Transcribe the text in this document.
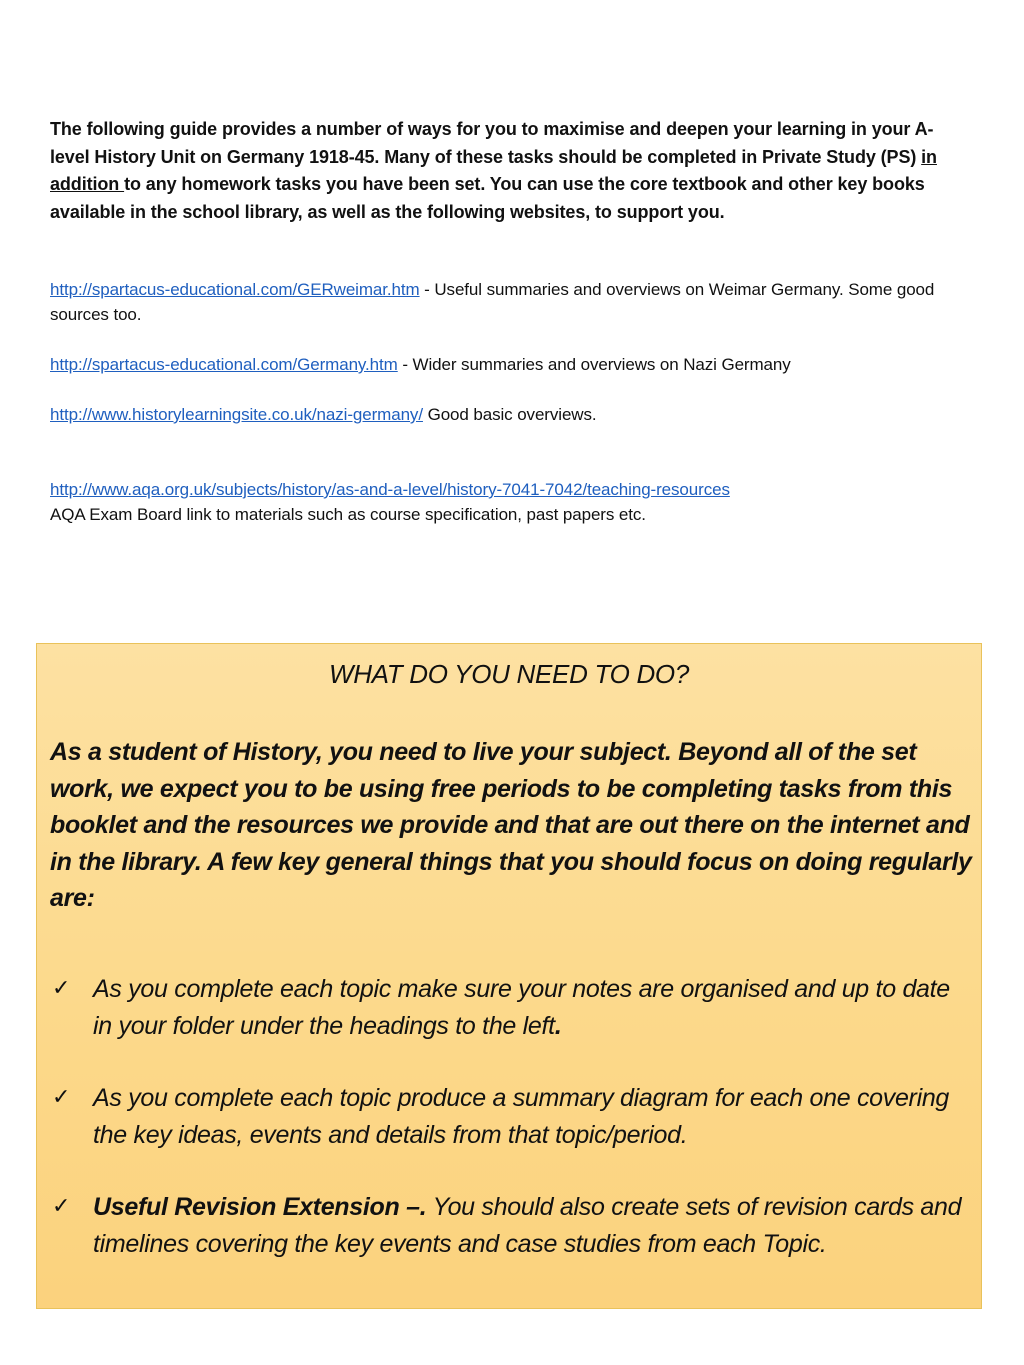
The following guide provides a number of ways for you to maximise and deepen your learning in your A-level History Unit on Germany 1918-45. Many of these tasks should be completed in Private Study (PS) in addition to any homework tasks you have been set. You can use the core textbook and other key books available in the school library, as well as the following websites, to support you.

http://spartacus-educational.com/GERweimar.htm - Useful summaries and overviews on Weimar Germany. Some good sources too.

http://spartacus-educational.com/Germany.htm - Wider summaries and overviews on Nazi Germany

http://www.historylearningsite.co.uk/nazi-germany/ Good basic overviews.

http://www.aqa.org.uk/subjects/history/as-and-a-level/history-7041-7042/teaching-resources
AQA Exam Board link to materials such as course specification, past papers etc.

WHAT DO YOU NEED TO DO?
As a student of History, you need to live your subject. Beyond all of the set work, we expect you to be using free periods to be completing tasks from this booklet and the resources we provide and that are out there on the internet and in the library. A few key general things that you should focus on doing regularly are:
✓ As you complete each topic make sure your notes are organised and up to date in your folder under the headings to the left.
✓ As you complete each topic produce a summary diagram for each one covering the key ideas, events and details from that topic/period.
✓ Useful Revision Extension –. You should also create sets of revision cards and timelines covering the key events and case studies from each Topic.
